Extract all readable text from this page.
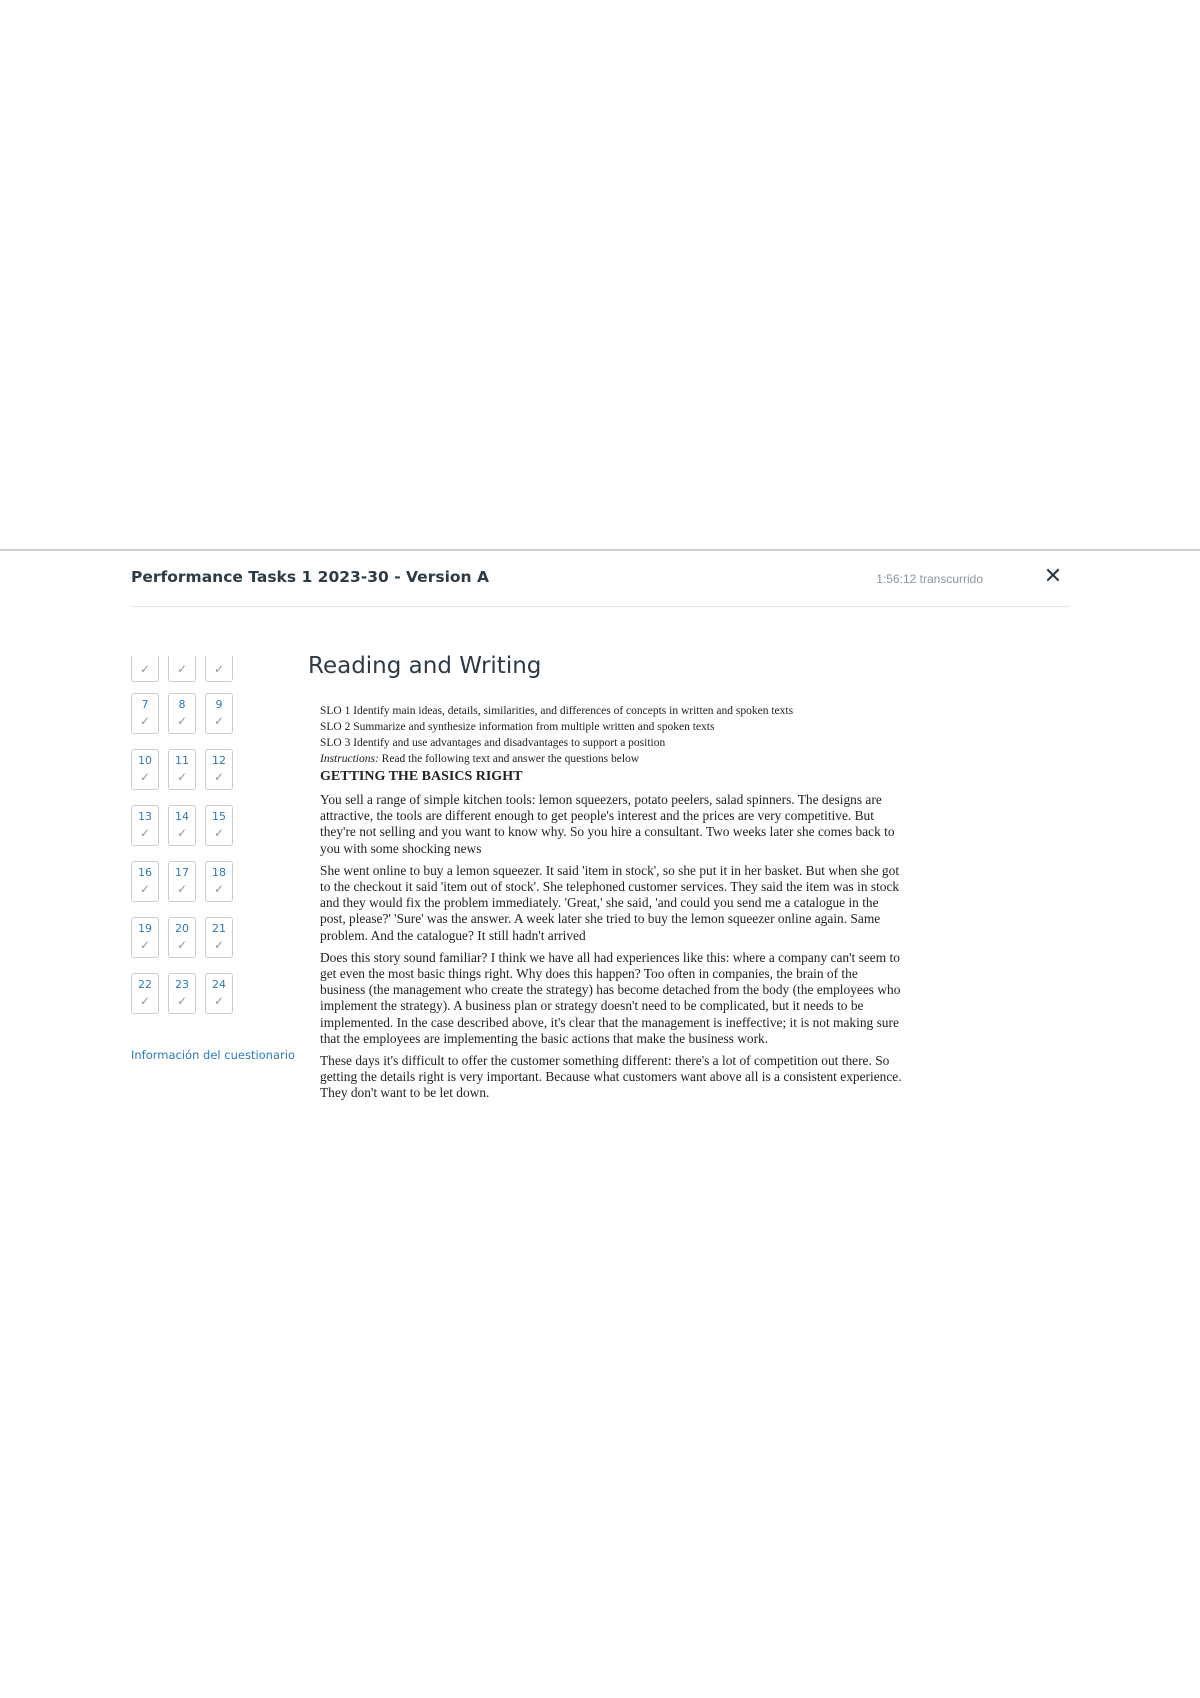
Performance Tasks 1 2023-30 - Version A	1:56:12 transcurrido	✕
✓ ✓ ✓
7
✓
8
✓
9
✓
10
✓
11
✓
12
✓
13
✓
14
✓
15
✓
16
✓
17
✓
18
✓
19
✓
20
✓
21
✓
22
✓
23
✓
24
✓
Información del cuestionario
Reading and Writing
SLO 1 Identify main ideas, details, similarities, and differences of concepts in written and spoken texts
SLO 2 Summarize and synthesize information from multiple written and spoken texts
SLO 3 Identify and use advantages and disadvantages to support a position
Instructions: Read the following text and answer the questions below
GETTING THE BASICS RIGHT

You sell a range of simple kitchen tools: lemon squeezers, potato peelers, salad spinners. The designs are attractive, the tools are different enough to get people's interest and the prices are very competitive. But they're not selling and you want to know why. So you hire a consultant. Two weeks later she comes back to you with some shocking news

She went online to buy a lemon squeezer. It said 'item in stock', so she put it in her basket. But when she got to the checkout it said 'item out of stock'. She telephoned customer services. They said the item was in stock and they would fix the problem immediately. 'Great,' she said, 'and could you send me a catalogue in the post, please?' 'Sure' was the answer. A week later she tried to buy the lemon squeezer online again. Same problem. And the catalogue? It still hadn't arrived

Does this story sound familiar? I think we have all had experiences like this: where a company can't seem to get even the most basic things right. Why does this happen? Too often in companies, the brain of the business (the management who create the strategy) has become detached from the body (the employees who implement the strategy). A business plan or strategy doesn't need to be complicated, but it needs to be implemented. In the case described above, it's clear that the management is ineffective; it is not making sure that the employees are implementing the basic actions that make the business work.

These days it's difficult to offer the customer something different: there's a lot of competition out there. So getting the details right is very important. Because what customers want above all is a consistent experience. They don't want to be let down.
